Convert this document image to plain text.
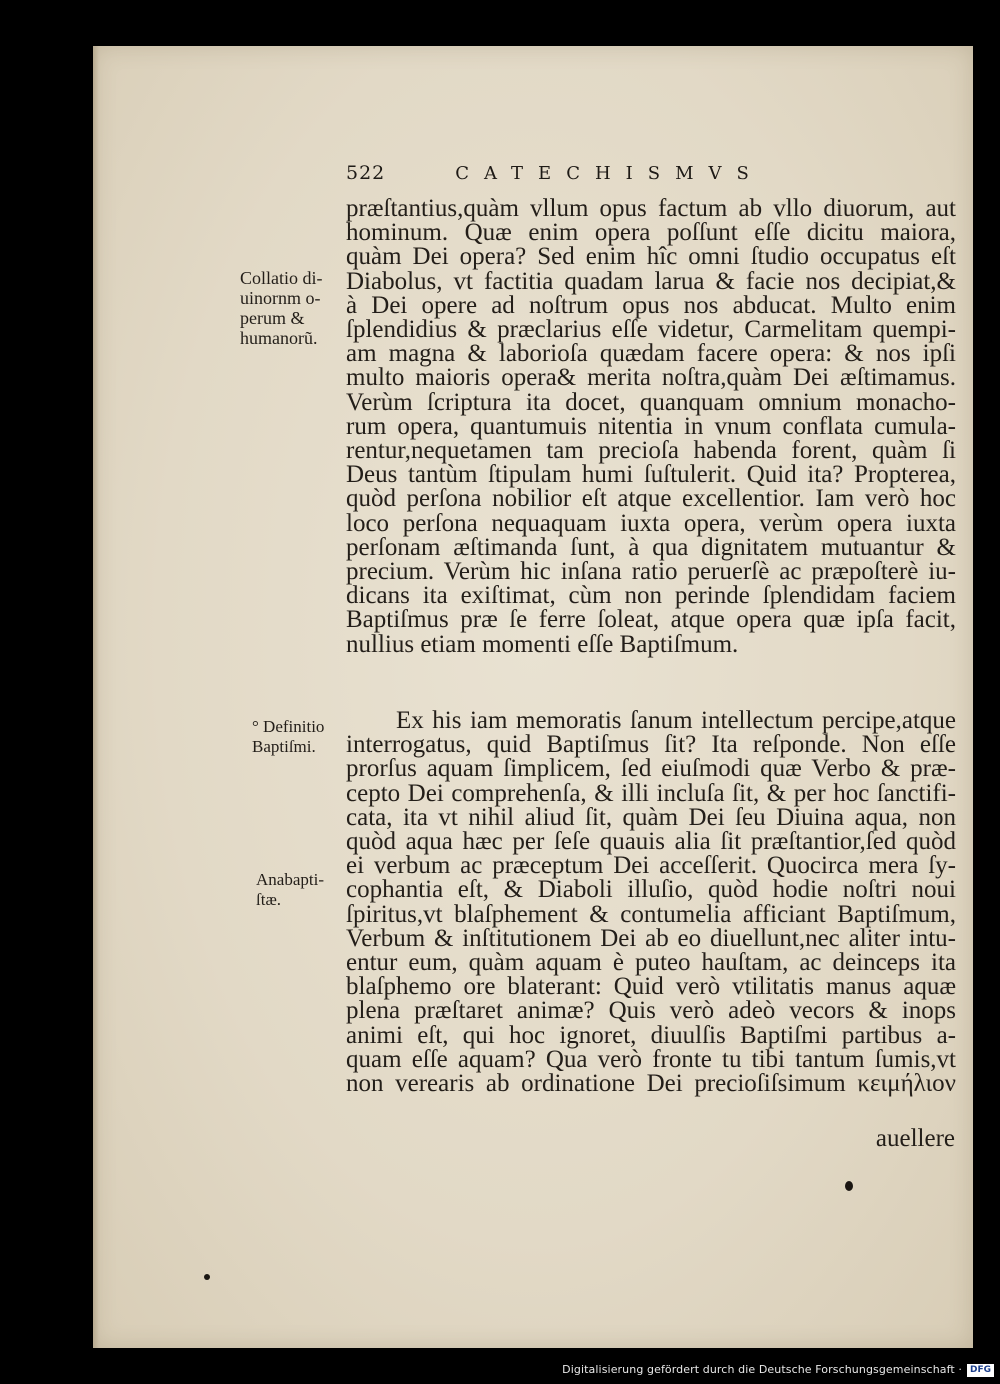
522	CATECHISMVS
Collatio di-
uinornm o-
perum &
humanorũ.
° Definitio
Baptiſmi.
Anabapti-
ſtæ.
præſtantius,quàm vllum opus factum ab vllo diuorum, aut
hominum. Quæ enim opera poſſunt eſſe dicitu maiora,
quàm Dei opera? Sed enim hîc omni ſtudio occupatus eſt
Diabolus, vt factitia quadam larua & facie nos decipiat,&
à Dei opere ad noſtrum opus nos abducat. Multo enim
ſplendidius & præclarius eſſe videtur, Carmelitam quempi-
am magna & laborioſa quædam facere opera: & nos ipſi
multo maioris opera& merita noſtra,quàm Dei æſtimamus.
Verùm ſcriptura ita docet, quanquam omnium monacho-
rum opera, quantumuis nitentia in vnum conflata cumula-
rentur,nequetamen tam precioſa habenda forent, quàm ſi
Deus tantùm ſtipulam humi ſuſtulerit. Quid ita? Propterea,
quòd perſona nobilior eſt atque excellentior. Iam verò hoc
loco perſona nequaquam iuxta opera, verùm opera iuxta
perſonam æſtimanda ſunt, à qua dignitatem mutuantur &
precium. Verùm hic inſana ratio peruerſè ac præpoſterè iu-
dicans ita exiſtimat, cùm non perinde ſplendidam faciem
Baptiſmus præ ſe ferre ſoleat, atque opera quæ ipſa facit,
nullius etiam momenti eſſe Baptiſmum.
Ex his iam memoratis ſanum intellectum percipe,atque
interrogatus, quid Baptiſmus ſit? Ita reſponde. Non eſſe
prorſus aquam ſimplicem, ſed eiuſmodi quæ Verbo & præ-
cepto Dei comprehenſa, & illi incluſa ſit, & per hoc ſanctifi-
cata, ita vt nihil aliud ſit, quàm Dei ſeu Diuina aqua, non
quòd aqua hæc per ſeſe quauis alia ſit præſtantior,ſed quòd
ei verbum ac præceptum Dei acceſſerit. Quocirca mera ſy-
cophantia eſt, & Diaboli illuſio, quòd hodie noſtri noui
ſpiritus,vt blaſphement & contumelia afficiant Baptiſmum,
Verbum & inſtitutionem Dei ab eo diuellunt,nec aliter intu-
entur eum, quàm aquam è puteo hauſtam, ac deinceps ita
blaſphemo ore blaterant: Quid verò vtilitatis manus aquæ
plena præſtaret animæ? Quis verò adeò vecors & inops
animi eſt, qui hoc ignoret, diuulſis Baptiſmi partibus a-
quam eſſe aquam? Qua verò fronte tu tibi tantum ſumis,vt
non verearis ab ordinatione Dei precioſiſsimum κειμήλιον
auellere
Digitalisierung gefördert durch die Deutsche Forschungsgemeinschaft · DFG
